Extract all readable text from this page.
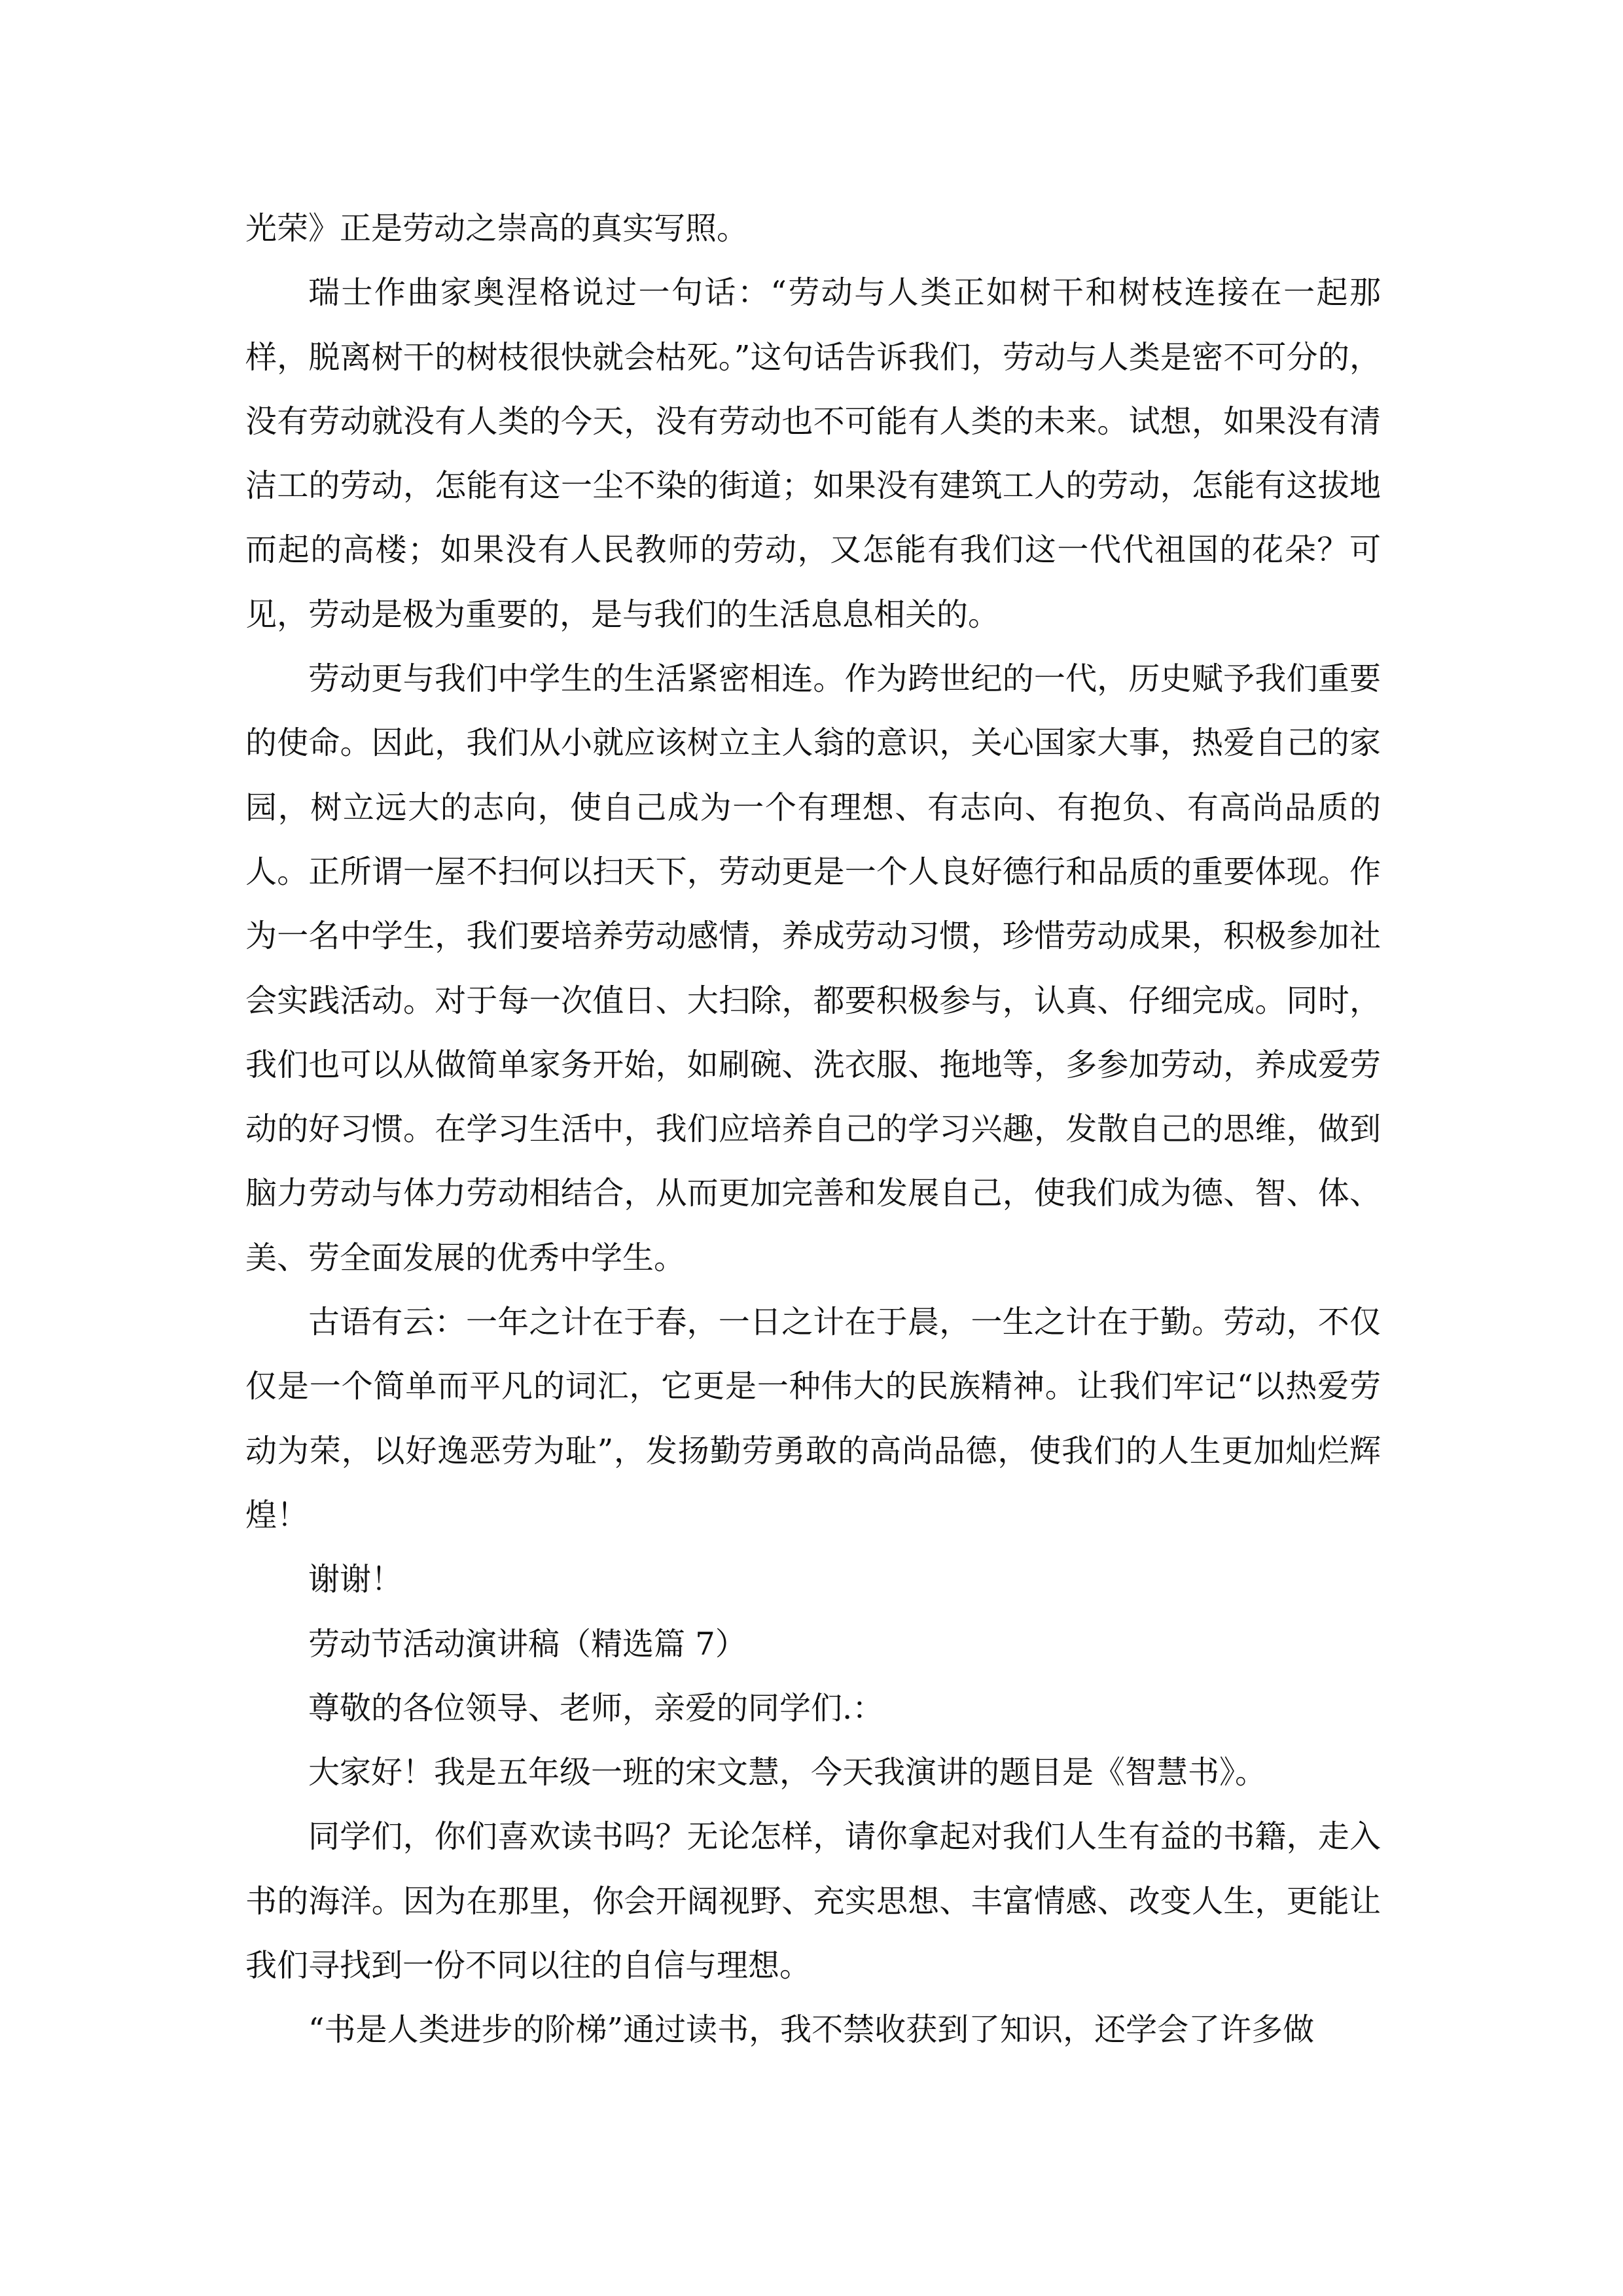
光荣》正是劳动之崇高的真实写照。

瑞士作曲家奥涅格说过一句话：“劳动与人类正如树干和树枝连接在一起那样，脱离树干的树枝很快就会枯死。”这句话告诉我们，劳动与人类是密不可分的，没有劳动就没有人类的今天，没有劳动也不可能有人类的未来。试想，如果没有清洁工的劳动，怎能有这一尘不染的街道；如果没有建筑工人的劳动，怎能有这拔地而起的高楼；如果没有人民教师的劳动，又怎能有我们这一代代祖国的花朵？可见，劳动是极为重要的，是与我们的生活息息相关的。

劳动更与我们中学生的生活紧密相连。作为跨世纪的一代，历史赋予我们重要的使命。因此，我们从小就应该树立主人翁的意识，关心国家大事，热爱自己的家园，树立远大的志向，使自己成为一个有理想、有志向、有抱负、有高尚品质的人。正所谓一屋不扫何以扫天下，劳动更是一个人良好德行和品质的重要体现。作为一名中学生，我们要培养劳动感情，养成劳动习惯，珍惜劳动成果，积极参加社会实践活动。对于每一次值日、大扫除，都要积极参与，认真、仔细完成。同时，我们也可以从做简单家务开始，如刷碗、洗衣服、拖地等，多参加劳动，养成爱劳动的好习惯。在学习生活中，我们应培养自己的学习兴趣，发散自己的思维，做到脑力劳动与体力劳动相结合，从而更加完善和发展自己，使我们成为德、智、体、美、劳全面发展的优秀中学生。

古语有云：一年之计在于春，一日之计在于晨，一生之计在于勤。劳动，不仅仅是一个简单而平凡的词汇，它更是一种伟大的民族精神。让我们牢记“以热爱劳动为荣，以好逸恶劳为耻”，发扬勤劳勇敢的高尚品德，使我们的人生更加灿烂辉煌！

谢谢！

劳动节活动演讲稿（精选篇 7）

尊敬的各位领导、老师，亲爱的同学们.：

大家好！我是五年级一班的宋文慧，今天我演讲的题目是《智慧书》。

同学们，你们喜欢读书吗？无论怎样，请你拿起对我们人生有益的书籍，走入书的海洋。因为在那里，你会开阔视野、充实思想、丰富情感、改变人生，更能让我们寻找到一份不同以往的自信与理想。

“书是人类进步的阶梯”通过读书，我不禁收获到了知识，还学会了许多做
